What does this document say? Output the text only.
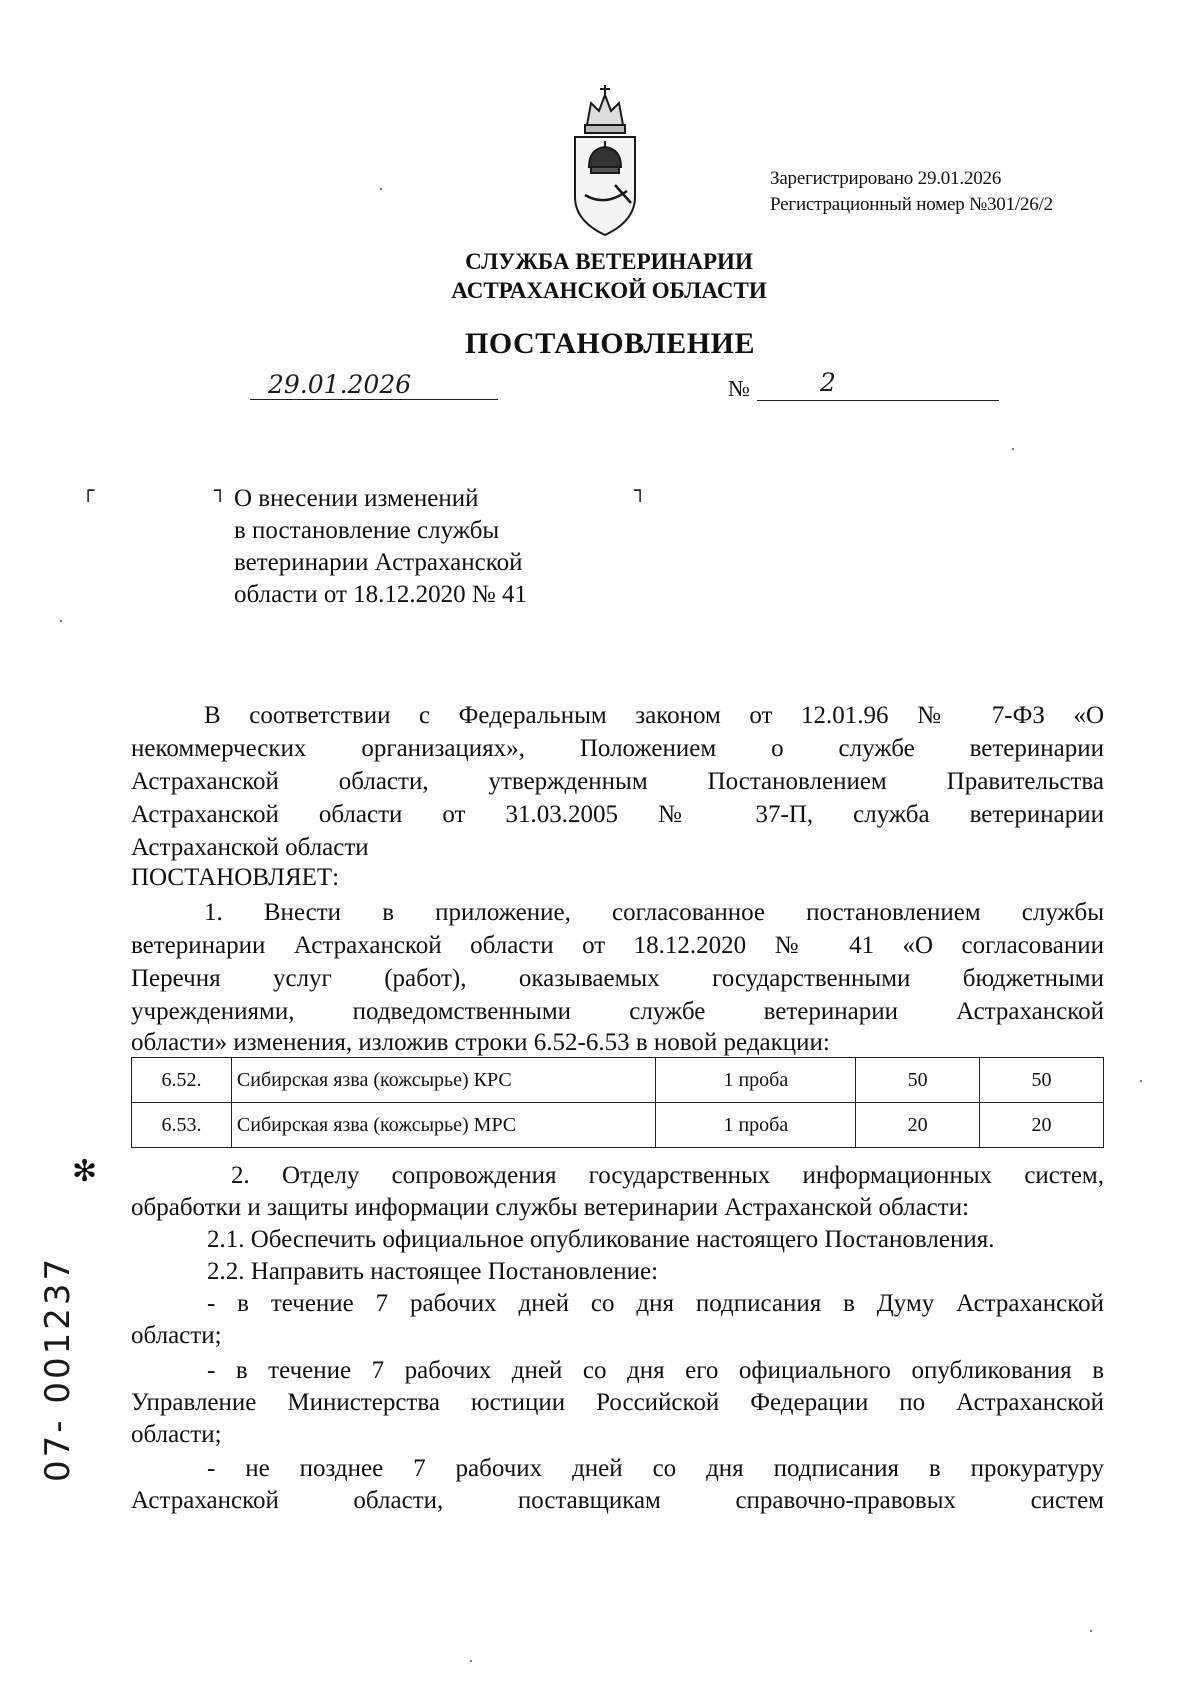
Зарегистрировано 29.01.2026
Регистрационный номер №301/26/2
СЛУЖБА ВЕТЕРИНАРИИ
АСТРАХАНСКОЙ ОБЛАСТИ
ПОСТАНОВЛЕНИЕ
29.01.2026	№	2
┌	┐	┐
О внесении изменений
в постановление службы
ветеринарии Астраханской
области от 18.12.2020 № 41
В соответствии с Федеральным законом от 12.01.96 № 7-ФЗ «О
некоммерческих организациях», Положением о службе ветеринарии
Астраханской области, утвержденным Постановлением Правительства
Астраханской области от 31.03.2005 № 37-П, служба ветеринарии
Астраханской области
ПОСТАНОВЛЯЕТ:
1. Внести в приложение, согласованное постановлением службы
ветеринарии Астраханской области от 18.12.2020 № 41 «О согласовании
Перечня услуг (работ), оказываемых государственными бюджетными
учреждениями, подведомственными службе ветеринарии Астраханской
области» изменения, изложив строки 6.52-6.53 в новой редакции:
6.52.	Сибирская язва (кожсырье) КРС	1 проба	50	50
6.53.	Сибирская язва (кожсырье) МРС	1 проба	20	20
2. Отделу сопровождения государственных информационных систем,
обработки и защиты информации службы ветеринарии Астраханской области:
2.1. Обеспечить официальное опубликование настоящего Постановления.
2.2. Направить настоящее Постановление:
- в течение 7 рабочих дней со дня подписания в Думу Астраханской
области;
- в течение 7 рабочих дней со дня его официального опубликования в
Управление Министерства юстиции Российской Федерации по Астраханской
области;
- не позднее 7 рабочих дней со дня подписания в прокуратуру
Астраханской области, поставщикам справочно-правовых систем
✻
07- 001237
